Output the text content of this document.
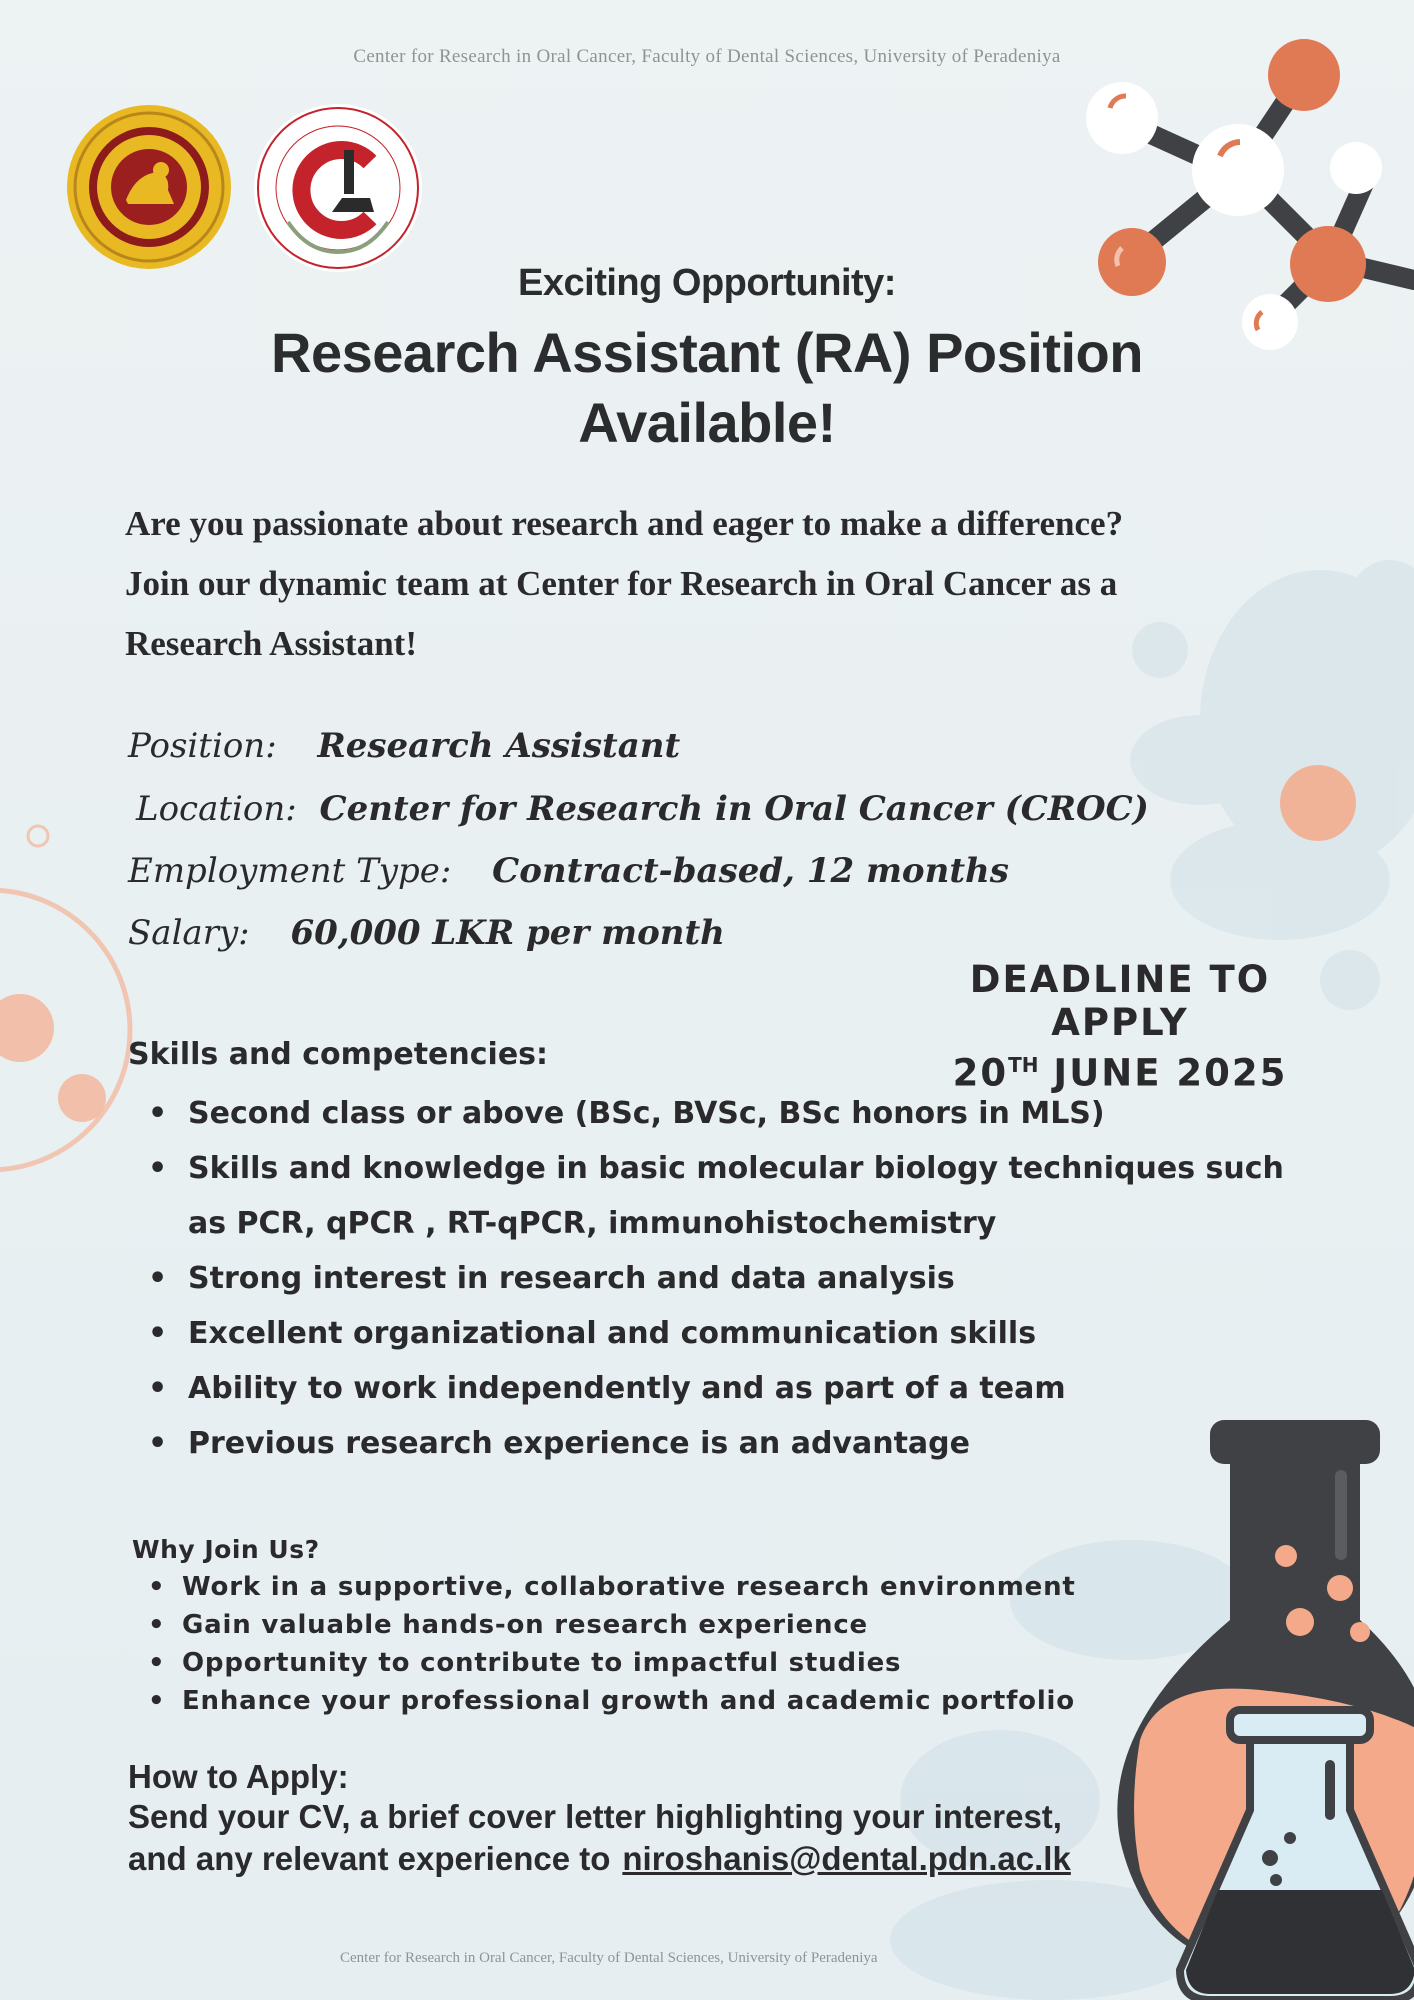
Center for Research in Oral Cancer, Faculty of Dental Sciences, University of Peradeniya
Exciting Opportunity:
Research Assistant (RA) Position
Available!
Are you passionate about research and eager to make a difference?
Join our dynamic team at Center for Research in Oral Cancer as a
Research Assistant!
Position: Research Assistant
Location: Center for Research in Oral Cancer (CROC)
Employment Type: Contract-based, 12 months
Salary: 60,000 LKR per month
DEADLINE TO APPLY
20TH JUNE 2025
Skills and competencies:
• Second class or above (BSc, BVSc, BSc honors in MLS)
• Skills and knowledge in basic molecular biology techniques such as PCR, qPCR , RT-qPCR, immunohistochemistry
• Strong interest in research and data analysis
• Excellent organizational and communication skills
• Ability to work independently and as part of a team
• Previous research experience is an advantage
Why Join Us?
• Work in a supportive, collaborative research environment
• Gain valuable hands-on research experience
• Opportunity to contribute to impactful studies
• Enhance your professional growth and academic portfolio
How to Apply:
Send your CV, a brief cover letter highlighting your interest,
and any relevant experience to niroshanis@dental.pdn.ac.lk
Center for Research in Oral Cancer, Faculty of Dental Sciences, University of Peradeniya
